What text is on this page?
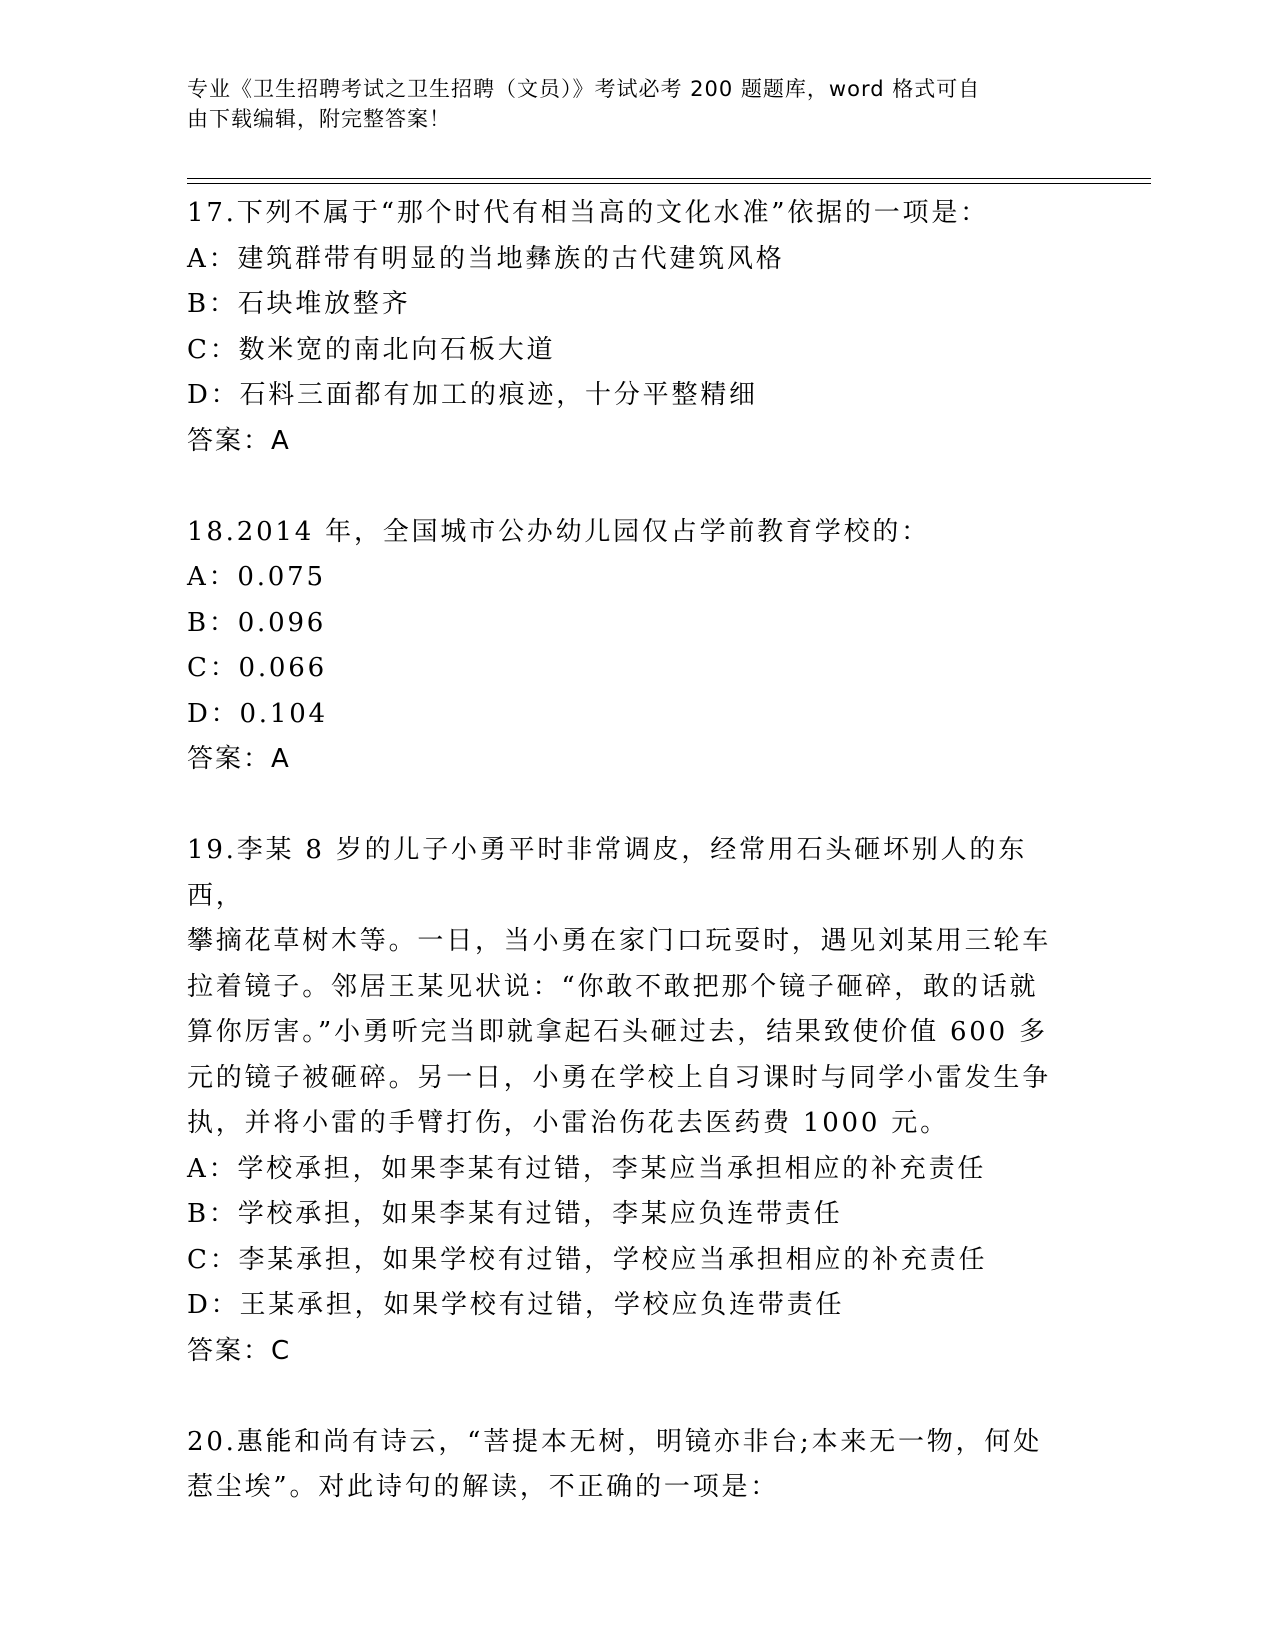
专业《卫生招聘考试之卫生招聘（文员）》考试必考 200 题题库，word 格式可自
由下载编辑，附完整答案！

17.下列不属于“那个时代有相当高的文化水准”依据的一项是：

A：建筑群带有明显的当地彝族的古代建筑风格

B：石块堆放整齐

C：数米宽的南北向石板大道

D：石料三面都有加工的痕迹，十分平整精细

答案：A

18.2014 年，全国城市公办幼儿园仅占学前教育学校的：

A：0.075

B：0.096

C：0.066

D：0.104

答案：A

19.李某 8 岁的儿子小勇平时非常调皮，经常用石头砸坏别人的东西，

攀摘花草树木等。一日，当小勇在家门口玩耍时，遇见刘某用三轮车

拉着镜子。邻居王某见状说：“你敢不敢把那个镜子砸碎，敢的话就

算你厉害。”小勇听完当即就拿起石头砸过去，结果致使价值 600 多

元的镜子被砸碎。另一日，小勇在学校上自习课时与同学小雷发生争

执，并将小雷的手臂打伤，小雷治伤花去医药费 1000 元。

A：学校承担，如果李某有过错，李某应当承担相应的补充责任

B：学校承担，如果李某有过错，李某应负连带责任

C：李某承担，如果学校有过错，学校应当承担相应的补充责任

D：王某承担，如果学校有过错，学校应负连带责任

答案：C

20.惠能和尚有诗云，“菩提本无树，明镜亦非台;本来无一物，何处

惹尘埃”。对此诗句的解读，不正确的一项是：
